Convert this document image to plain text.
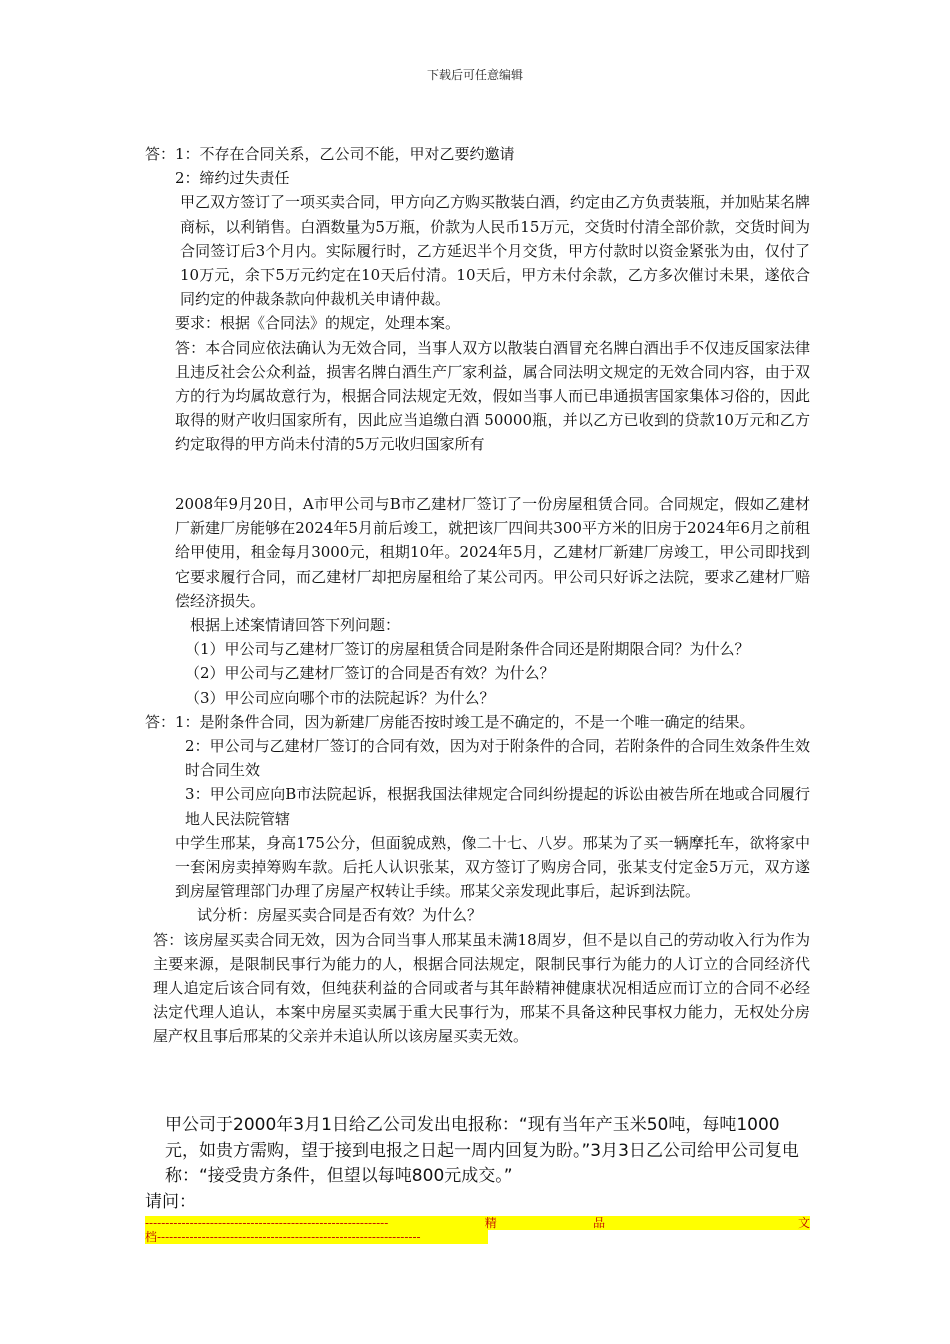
下载后可任意编辑

答：1：不存在合同关系，乙公司不能，甲对乙要约邀请

2：缔约过失责任

甲乙双方签订了一项买卖合同，甲方向乙方购买散装白酒，约定由乙方负责装瓶，并加贴某名牌商标，以利销售。白酒数量为5万瓶，价款为人民币15万元，交货时付清全部价款，交货时间为合同签订后3个月内。实际履行时，乙方延迟半个月交货，甲方付款时以资金紧张为由，仅付了10万元，余下5万元约定在10天后付清。10天后，甲方未付余款，乙方多次催讨未果，遂依合同约定的仲裁条款向仲裁机关申请仲裁。

要求：根据《合同法》的规定，处理本案。

答：本合同应依法确认为无效合同，当事人双方以散装白酒冒充名牌白酒出手不仅违反国家法律且违反社会公众利益，损害名牌白酒生产厂家利益，属合同法明文规定的无效合同内容，由于双方的行为均属故意行为，根据合同法规定无效，假如当事人而已串通损害国家集体习俗的，因此取得的财产收归国家所有，因此应当追缴白酒 50000瓶，并以乙方已收到的贷款10万元和乙方约定取得的甲方尚未付清的5万元收归国家所有

2008年9月20日，A市甲公司与B市乙建材厂签订了一份房屋租赁合同。合同规定，假如乙建材厂新建厂房能够在2024年5月前后竣工，就把该厂四间共300平方米的旧房于2024年6月之前租给甲使用，租金每月3000元，租期10年。2024年5月，乙建材厂新建厂房竣工，甲公司即找到它要求履行合同，而乙建材厂却把房屋租给了某公司丙。甲公司只好诉之法院，要求乙建材厂赔偿经济损失。

根据上述案情请回答下列问题：

（1）甲公司与乙建材厂签订的房屋租赁合同是附条件合同还是附期限合同？为什么？

（2）甲公司与乙建材厂签订的合同是否有效？为什么？

（3）甲公司应向哪个市的法院起诉？为什么？

答：1：是附条件合同，因为新建厂房能否按时竣工是不确定的，不是一个唯一确定的结果。

2：甲公司与乙建材厂签订的合同有效，因为对于附条件的合同，若附条件的合同生效条件生效时合同生效

3：甲公司应向B市法院起诉，根据我国法律规定合同纠纷提起的诉讼由被告所在地或合同履行地人民法院管辖

中学生邢某，身高175公分，但面貌成熟，像二十七、八岁。邢某为了买一辆摩托车，欲将家中一套闲房卖掉筹购车款。后托人认识张某，双方签订了购房合同，张某支付定金5万元，双方遂到房屋管理部门办理了房屋产权转让手续。邢某父亲发现此事后，起诉到法院。

试分析：房屋买卖合同是否有效？为什么？

答：该房屋买卖合同无效，因为合同当事人邢某虽未满18周岁，但不是以自己的劳动收入行为作为主要来源，是限制民事行为能力的人，根据合同法规定，限制民事行为能力的人订立的合同经济代理人追定后该合同有效，但纯获利益的合同或者与其年龄精神健康状况相适应而订立的合同不必经法定代理人追认，本案中房屋买卖属于重大民事行为，邢某不具备这种民事权力能力，无权处分房屋产权且事后邢某的父亲并未追认所以该房屋买卖无效。

甲公司于2000年3月1日给乙公司发出电报称：“现有当年产玉米50吨，每吨1000元，如贵方需购，望于接到电报之日起一周内回复为盼。”3月3日乙公司给甲公司复电称：“接受贵方条件，但望以每吨800元成交。”

请问：

------------------------------------------------------------	精	品	文
档-----------------------------------------------------------------
